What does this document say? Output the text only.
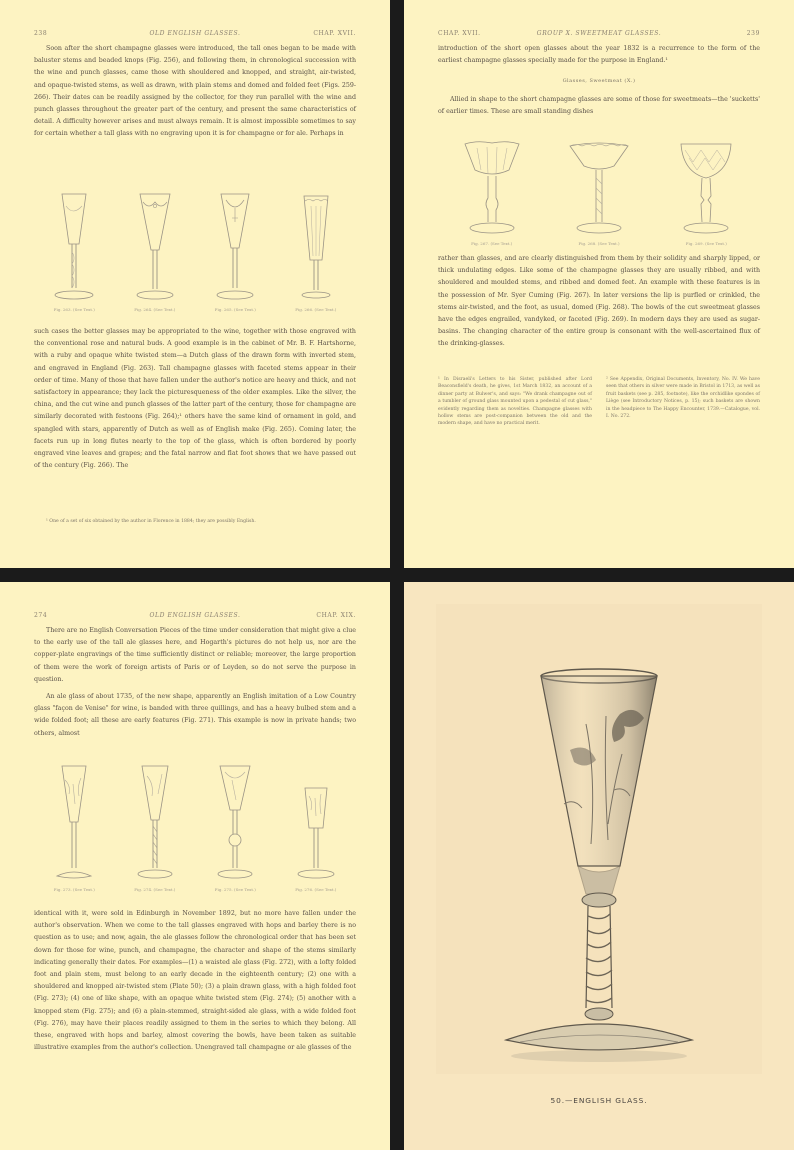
238	OLD ENGLISH GLASSES.	CHAP. XVII.

Soon after the short champagne glasses were introduced, the tall ones began to be made with baluster stems and beaded knops (Fig. 256), and following them, in chronological succession with the wine and punch glasses, came those with shouldered and knopped, and straight, air-twisted, and opaque-twisted stems, as well as drawn, with plain stems and domed and folded feet (Figs. 259-266). Their dates can be readily assigned by the collector, for they run parallel with the wine and punch glasses throughout the greater part of the century, and present the same characteristics of detail. A difficulty however arises and must always remain. It is almost impossible sometimes to say for certain whether a tall glass with no engraving upon it is for champagne or for ale. Perhaps in

Fig. 263. (See Text.)	Fig. 264. (See Text.)	Fig. 265. (See Text.)	Fig. 266. (See Text.)

such cases the better glasses may be appropriated to the wine, together with those engraved with the conventional rose and natural buds. A good example is in the cabinet of Mr. B. F. Hartshorne, with a ruby and opaque white twisted stem—a Dutch glass of the drawn form with inverted stem, and engraved in England (Fig. 263). Tall champagne glasses with faceted stems appear in their order of time. Many of those that have fallen under the author's notice are heavy and thick, and not satisfactory in appearance; they lack the picturesqueness of the older examples. Like the silver, the china, and the cut wine and punch glasses of the latter part of the century, those for champagne are similarly decorated with festoons (Fig. 264);¹ others have the same kind of ornament in gold, and spangled with stars, apparently of Dutch as well as of English make (Fig. 265). Coming later, the facets run up in long flutes nearly to the top of the glass, which is often bordered by poorly engraved vine leaves and grapes; and the fatal narrow and flat foot shows that we have passed out of the century (Fig. 266). The

¹ One of a set of six obtained by the author in Florence in 1884; they are possibly English.
CHAP. XVII.	GROUP X. SWEETMEAT GLASSES.	239

introduction of the short open glasses about the year 1832 is a recurrence to the form of the earliest champagne glasses specially made for the purpose in England.¹

Glasses, Sweetmeat (X.)

Allied in shape to the short champagne glasses are some of those for sweetmeats—the 'sucketts' of earlier times. These are small standing dishes

Fig. 267. (See Text.)	Fig. 268. (See Text.)	Fig. 269. (See Text.)

rather than glasses, and are clearly distinguished from them by their solidity and sharply lipped, or thick undulating edges. Like some of the champagne glasses they are usually ribbed, and with shouldered and moulded stems, and ribbed and domed feet. An example with these features is in the possession of Mr. Syer Cuming (Fig. 267). In later versions the lip is purfled or crinkled, the stems air-twisted, and the foot, as usual, domed (Fig. 268). The bowls of the cut sweetmeat glasses have the edges engrailed, vandyked, or faceted (Fig. 269). In modern days they are used as sugar-basins. The changing character of the entire group is consonant with the well-ascertained flux of the drinking-glasses.

¹ In Disraeli's Letters to his Sister, published after Lord Beaconsfield's death, he gives, 1st March 1832, an account of a dinner party at Bulwer's, and says: "We drank champagne out of a tumbler of ground glass mounted upon a pedestal of cut glass," evidently regarding them as novelties. Champagne glasses with hollow stems are post-companion between the old and the modern shape, and have no practical merit.
² See Appendix, Original Documents, Inventory, No. IV. We have seen that others in silver were made in Bristol in 1713, as well as fruit baskets (see p. 285, footnote), like the orchidlike spondes of Liège (see Introductory Notices, p. 15); such baskets are shown in the headpiece to The Happy Encounter, 1739.—Catalogue, vol. I. No. 272.
274	OLD ENGLISH GLASSES.	CHAP. XIX.

There are no English Conversation Pieces of the time under consideration that might give a clue to the early use of the tall ale glasses here, and Hogarth's pictures do not help us, nor are the copper-plate engravings of the time sufficiently distinct or reliable; moreover, the large proportion of them were the work of foreign artists of Paris or of Leyden, so do not serve the purpose in question.

An ale glass of about 1735, of the new shape, apparently an English imitation of a Low Country glass "façon de Venise" for wine, is banded with three quillings, and has a heavy bulbed stem and a wide folded foot; all these are early features (Fig. 271). This example is now in private hands; two others, almost

Fig. 273. (See Text.)	Fig. 274. (See Text.)	Fig. 275. (See Text.)	Fig. 276. (See Text.)

identical with it, were sold in Edinburgh in November 1892, but no more have fallen under the author's observation. When we come to the tall glasses engraved with hops and barley there is no question as to use; and now, again, the ale glasses follow the chronological order that has been set down for those for wine, punch, and champagne, the character and shape of the stems similarly indicating generally their dates. For examples—(1) a waisted ale glass (Fig. 272), with a lofty folded foot and plain stem, must belong to an early decade in the eighteenth century; (2) one with a shouldered and knopped air-twisted stem (Plate 50); (3) a plain drawn glass, with a high folded foot (Fig. 273); (4) one of like shape, with an opaque white twisted stem (Fig. 274); (5) another with a knopped stem (Fig. 275); and (6) a plain-stemmed, straight-sided ale glass, with a wide folded foot (Fig. 276), may have their places readily assigned to them in the series to which they belong. All these, engraved with hops and barley, almost covering the bowls, have been taken as suitable illustrative examples from the author's collection. Unengraved tall champagne or ale glasses of the

50.—ENGLISH GLASS.
